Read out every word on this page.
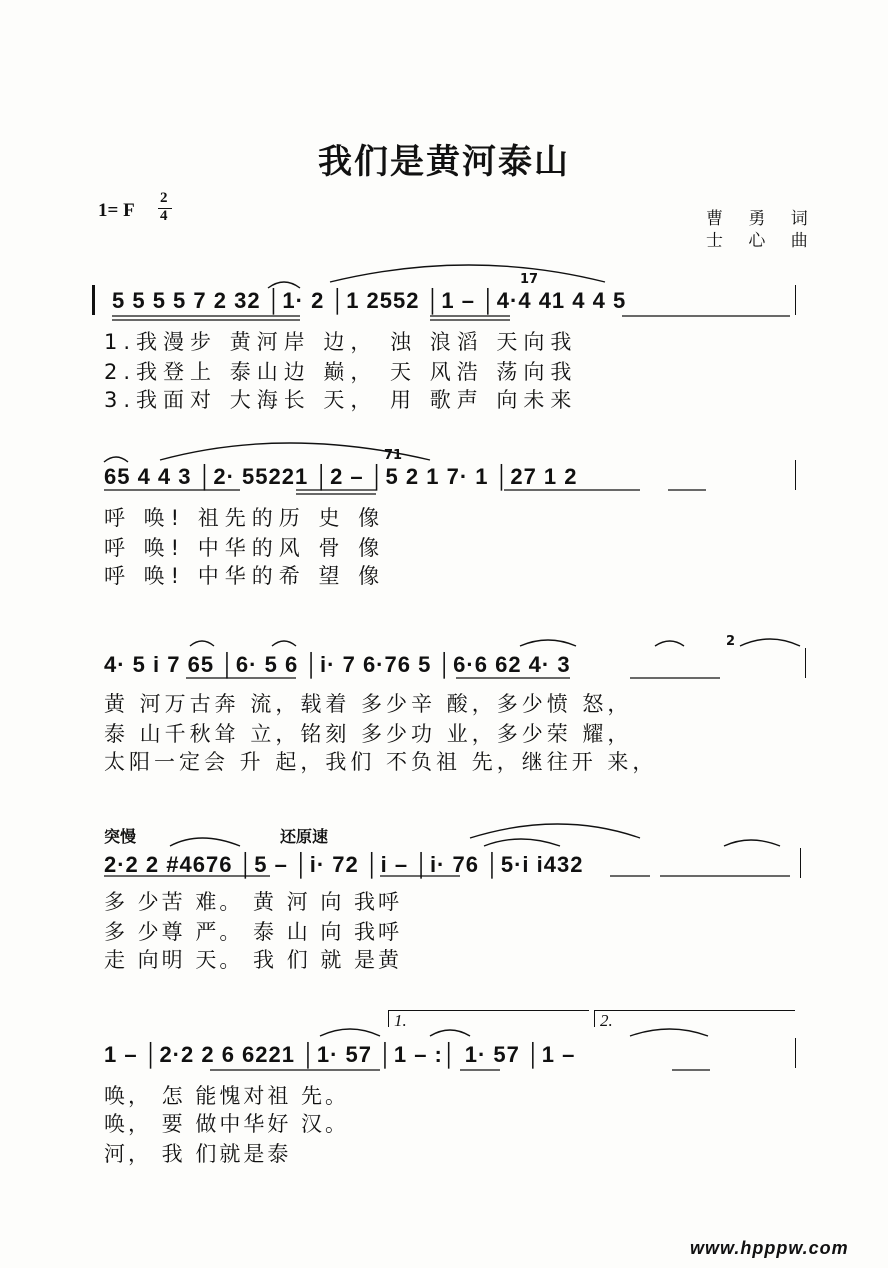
我们是黄河泰山
1= F
2
4	曹 勇 词
士 心 曲
5 5 5 5 7 2 32 │1· 2 │1 2552 │1 – │4·4 41 4 4 5
17
1.我漫步 黄河岸 边， 浊 浪滔 天向我
2.我登上 泰山边 巅， 天 风浩 荡向我
3.我面对 大海长 天， 用 歌声 向未来
65 4 4 3 │2· 55221 │2 – │5 2 1 7· 1 │27 1 2
71
呼 唤! 祖先的历 史 像
呼 唤! 中华的风 骨 像
呼 唤! 中华的希 望 像
4· 5 i 7 65 │6· 5 6 │i· 7 6·76 5 │6·6 62 4· 3
2
黄 河万古奔 流，载着 多少辛 酸，多少愤 怒，
泰 山千秋耸 立，铭刻 多少功 业，多少荣 耀，
太阳一定会 升 起，我们 不负祖 先，继往开 来，
突慢	还原速
2·2 2 #4676 │5 – │i· 72 │i – │i· 76 │5·i i432
多 少苦 难。 黄 河 向 我呼
多 少尊 严。 泰 山 向 我呼
走 向明 天。 我 们 就 是黄
1.	2.
1 – │2·2 2 6 6221 │1· 57 │1 – :│ 1· 57 │1 –
唤， 怎 能愧对祖 先。
唤， 要 做中华好 汉。
河， 我 们就是泰
www.hpppw.com
